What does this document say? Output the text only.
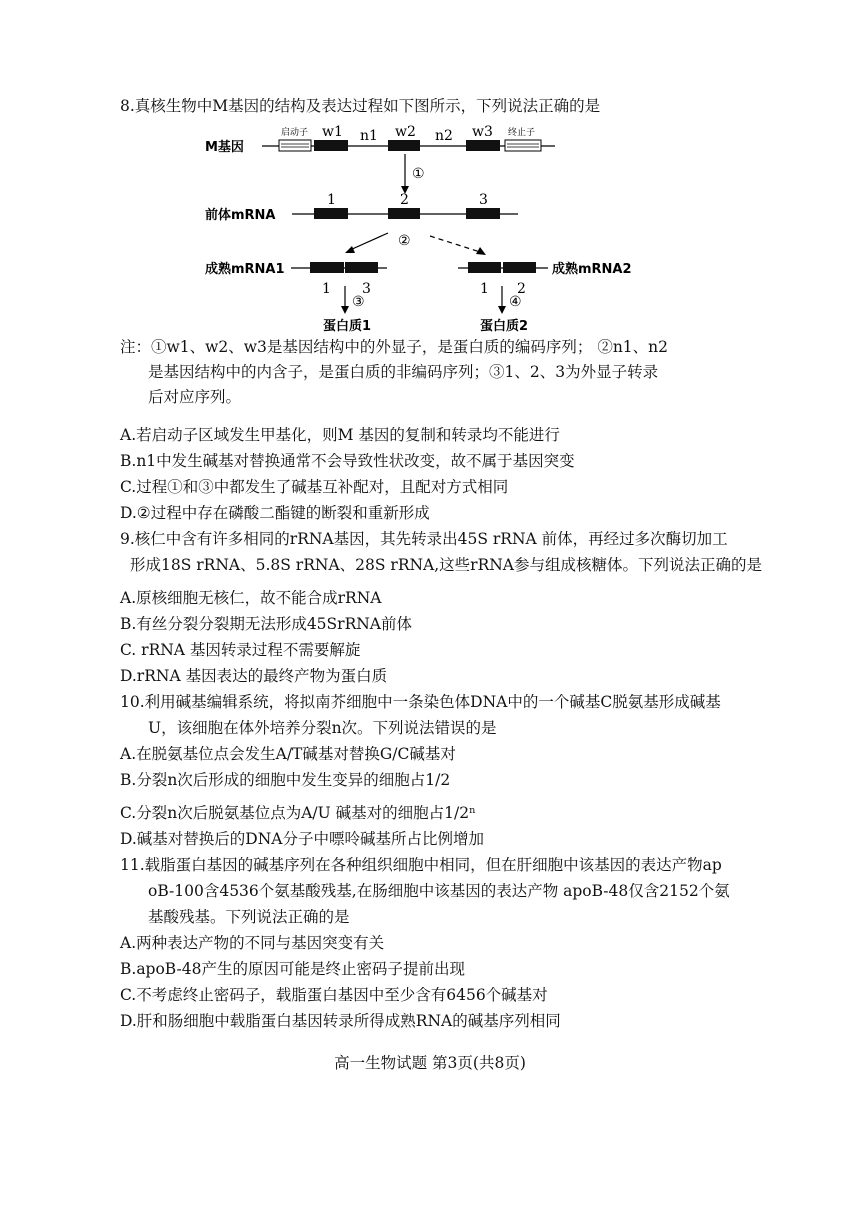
8.真核生物中M基因的结构及表达过程如下图所示，下列说法正确的是
M基因
启动子 w1 n1 w2 n2 w3 终止子
①
前体mRNA
1	2	3
②
成熟mRNA1
1 3
成熟mRNA2
1 2
③	④
蛋白质1	蛋白质2
注：①w1、w2、w3是基因结构中的外显子，是蛋白质的编码序列； ②n1、n2
是基因结构中的内含子，是蛋白质的非编码序列；③1、2、3为外显子转录
后对应序列。
A.若启动子区域发生甲基化，则M 基因的复制和转录均不能进行
B.n1中发生碱基对替换通常不会导致性状改变，故不属于基因突变
C.过程①和③中都发生了碱基互补配对，且配对方式相同
D.②过程中存在磷酸二酯键的断裂和重新形成
9.核仁中含有许多相同的rRNA基因，其先转录出45S rRNA 前体，再经过多次酶切加工
形成18S rRNA、5.8S rRNA、28S rRNA,这些rRNA参与组成核糖体。下列说法正确的是
A.原核细胞无核仁，故不能合成rRNA
B.有丝分裂分裂期无法形成45SrRNA前体
C. rRNA 基因转录过程不需要解旋
D.rRNA 基因表达的最终产物为蛋白质
10.利用碱基编辑系统，将拟南芥细胞中一条染色体DNA中的一个碱基C脱氨基形成碱基
U，该细胞在体外培养分裂n次。下列说法错误的是
A.在脱氨基位点会发生A/T碱基对替换G/C碱基对
B.分裂n次后形成的细胞中发生变异的细胞占1/2
C.分裂n次后脱氨基位点为A/U 碱基对的细胞占1/2ⁿ
D.碱基对替换后的DNA分子中嘌呤碱基所占比例增加
11.载脂蛋白基因的碱基序列在各种组织细胞中相同，但在肝细胞中该基因的表达产物ap
oB-100含4536个氨基酸残基,在肠细胞中该基因的表达产物 apoB-48仅含2152个氨
基酸残基。下列说法正确的是
A.两种表达产物的不同与基因突变有关
B.apoB-48产生的原因可能是终止密码子提前出现
C.不考虑终止密码子，载脂蛋白基因中至少含有6456个碱基对
D.肝和肠细胞中载脂蛋白基因转录所得成熟RNA的碱基序列相同
高一生物试题 第3页(共8页)
